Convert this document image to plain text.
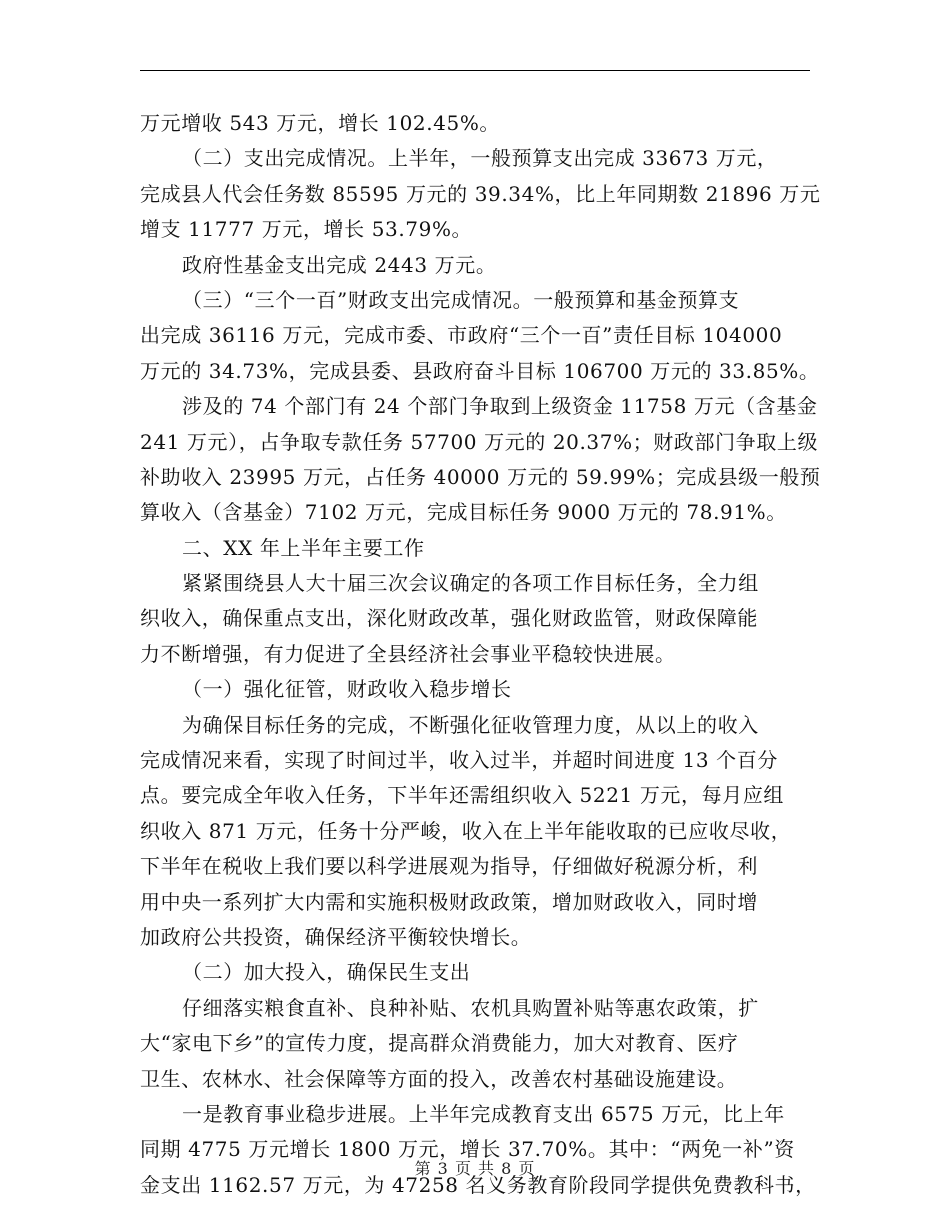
万元增收 543 万元，增长 102.45%。
（二）支出完成情况。上半年，一般预算支出完成 33673 万元，
完成县人代会任务数 85595 万元的 39.34%，比上年同期数 21896 万元
增支 11777 万元，增长 53.79%。
政府性基金支出完成 2443 万元。
（三）“三个一百”财政支出完成情况。一般预算和基金预算支
出完成 36116 万元，完成市委、市政府“三个一百”责任目标 104000
万元的 34.73%，完成县委、县政府奋斗目标 106700 万元的 33.85%。
涉及的 74 个部门有 24 个部门争取到上级资金 11758 万元（含基金
241 万元），占争取专款任务 57700 万元的 20.37%；财政部门争取上级
补助收入 23995 万元，占任务 40000 万元的 59.99%；完成县级一般预
算收入（含基金）7102 万元，完成目标任务 9000 万元的 78.91%。
二、XX 年上半年主要工作
紧紧围绕县人大十届三次会议确定的各项工作目标任务，全力组
织收入，确保重点支出，深化财政改革，强化财政监管，财政保障能
力不断增强，有力促进了全县经济社会事业平稳较快进展。
（一）强化征管，财政收入稳步增长
为确保目标任务的完成，不断强化征收管理力度，从以上的收入
完成情况来看，实现了时间过半，收入过半，并超时间进度 13 个百分
点。要完成全年收入任务，下半年还需组织收入 5221 万元，每月应组
织收入 871 万元，任务十分严峻，收入在上半年能收取的已应收尽收，
下半年在税收上我们要以科学进展观为指导，仔细做好税源分析，利
用中央一系列扩大内需和实施积极财政政策，增加财政收入，同时增
加政府公共投资，确保经济平衡较快增长。
（二）加大投入，确保民生支出
仔细落实粮食直补、良种补贴、农机具购置补贴等惠农政策，扩
大“家电下乡”的宣传力度，提高群众消费能力，加大对教育、医疗
卫生、农林水、社会保障等方面的投入，改善农村基础设施建设。
一是教育事业稳步进展。上半年完成教育支出 6575 万元，比上年
同期 4775 万元增长 1800 万元，增长 37.70%。其中：“两免一补”资
金支出 1162.57 万元，为 47258 名义务教育阶段同学提供免费教科书，
第 3 页 共 8 页
